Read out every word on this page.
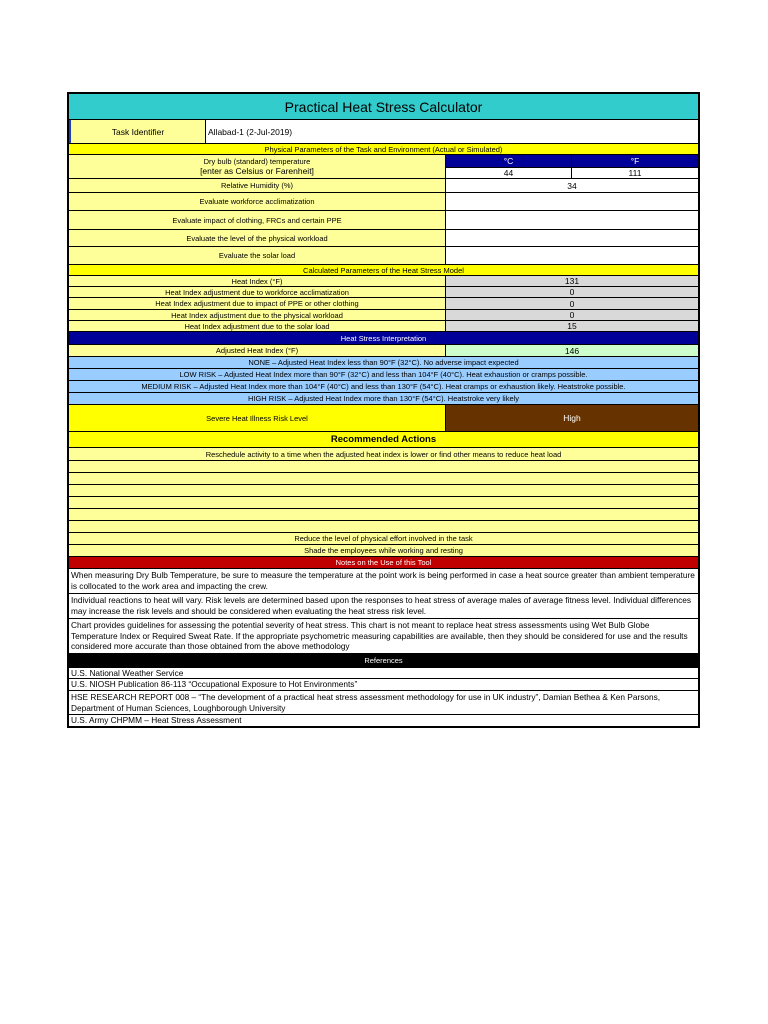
Practical Heat Stress Calculator
Task Identifier	Allabad-1 (2-Jul-2019)
Physical Parameters of the Task and Environment (Actual or Simulated)
Dry bulb (standard) temperature
[enter as Celsius or Farenheit]
°C	°F
44	111
Relative Humidity (%)	34
Evaluate workforce acclimatization
Evaluate impact of clothing, FRCs and certain PPE
Evaluate the level of the physical workload
Evaluate the solar load
Calculated Parameters of the Heat Stress Model
Heat Index (°F)	131
Heat Index adjustment due to workforce acclimatization	0
Heat Index adjustment due to impact of PPE or other clothing	0
Heat Index adjustment due to the physical workload	0
Heat Index adjustment due to the solar load	15
Heat Stress Interpretation
Adjusted Heat Index (°F)	146
NONE – Adjusted Heat Index less than 90°F (32°C). No adverse impact expected
LOW RISK – Adjusted Heat Index more than 90°F (32°C) and less than 104°F (40°C). Heat exhaustion or cramps possible.
MEDIUM RISK – Adjusted Heat Index more than 104°F (40°C) and less than 130°F (54°C). Heat cramps or exhaustion likely. Heatstroke possible.
HIGH RISK – Adjusted Heat Index more than 130°F (54°C). Heatstroke very likely
Severe Heat Illness Risk Level	High
Recommended Actions
Reschedule activity to a time when the adjusted heat index is lower or find other means to reduce heat load
Reduce the level of physical effort involved in the task
Shade the employees while working and resting
Notes on the Use of this Tool
When measuring Dry Bulb Temperature, be sure to measure the temperature at the point work is being performed in case a heat source greater than ambient temperature is collocated to the work area and impacting the crew.
Individual reactions to heat will vary. Risk levels are determined based upon the responses to heat stress of average males of average fitness level. Individual differences may increase the risk levels and should be considered when evaluating the heat stress risk level.
Chart provides guidelines for assessing the potential severity of heat stress. This chart is not meant to replace heat stress assessments using Wet Bulb Globe Temperature Index or Required Sweat Rate. If the appropriate psychometric measuring capabilities are available, then they should be considered for use and the results considered more accurate than those obtained from the above methodology
References
U.S. National Weather Service
U.S. NIOSH Publication 86-113 “Occupational Exposure to Hot Environments”
HSE RESEARCH REPORT 008 – “The development of a practical heat stress assessment methodology for use in UK industry”, Damian Bethea & Ken Parsons, Department of Human Sciences, Loughborough University
U.S. Army CHPMM – Heat Stress Assessment
